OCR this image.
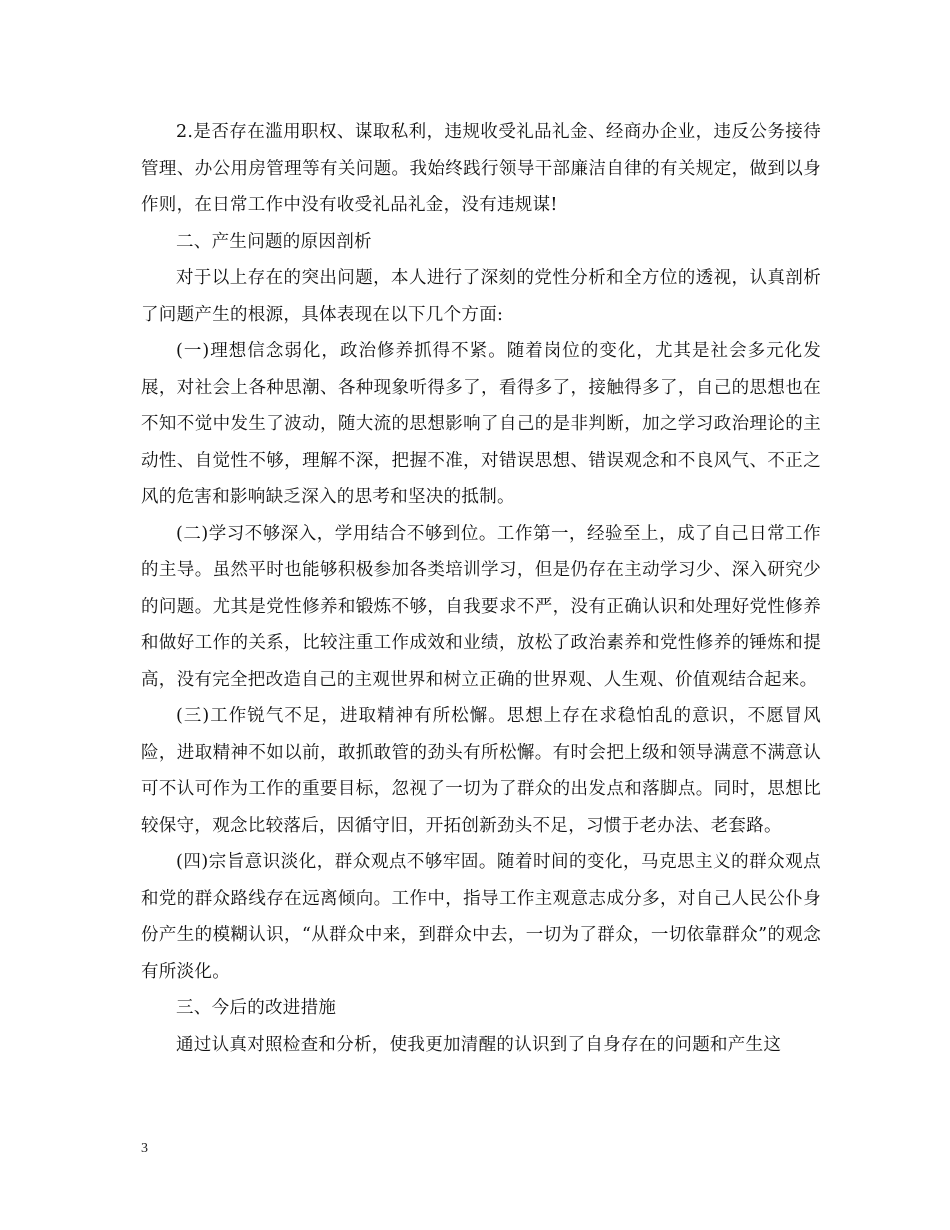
2.是否存在滥用职权、谋取私利，违规收受礼品礼金、经商办企业，违反公务接待管理、办公用房管理等有关问题。我始终践行领导干部廉洁自律的有关规定，做到以身作则，在日常工作中没有收受礼品礼金，没有违规谋!

二、产生问题的原因剖析

对于以上存在的突出问题，本人进行了深刻的党性分析和全方位的透视，认真剖析了问题产生的根源，具体表现在以下几个方面:

(一)理想信念弱化，政治修养抓得不紧。随着岗位的变化，尤其是社会多元化发展，对社会上各种思潮、各种现象听得多了，看得多了，接触得多了，自己的思想也在不知不觉中发生了波动，随大流的思想影响了自己的是非判断，加之学习政治理论的主动性、自觉性不够，理解不深，把握不准，对错误思想、错误观念和不良风气、不正之风的危害和影响缺乏深入的思考和坚决的抵制。

(二)学习不够深入，学用结合不够到位。工作第一，经验至上，成了自己日常工作的主导。虽然平时也能够积极参加各类培训学习，但是仍存在主动学习少、深入研究少的问题。尤其是党性修养和锻炼不够，自我要求不严，没有正确认识和处理好党性修养和做好工作的关系，比较注重工作成效和业绩，放松了政治素养和党性修养的锤炼和提高，没有完全把改造自己的主观世界和树立正确的世界观、人生观、价值观结合起来。

(三)工作锐气不足，进取精神有所松懈。思想上存在求稳怕乱的意识，不愿冒风险，进取精神不如以前，敢抓敢管的劲头有所松懈。有时会把上级和领导满意不满意认可不认可作为工作的重要目标，忽视了一切为了群众的出发点和落脚点。同时，思想比较保守，观念比较落后，因循守旧，开拓创新劲头不足，习惯于老办法、老套路。

(四)宗旨意识淡化，群众观点不够牢固。随着时间的变化，马克思主义的群众观点和党的群众路线存在远离倾向。工作中，指导工作主观意志成分多，对自己人民公仆身份产生的模糊认识，“从群众中来，到群众中去，一切为了群众，一切依靠群众”的观念有所淡化。

三、今后的改进措施

通过认真对照检查和分析，使我更加清醒的认识到了自身存在的问题和产生这

3
